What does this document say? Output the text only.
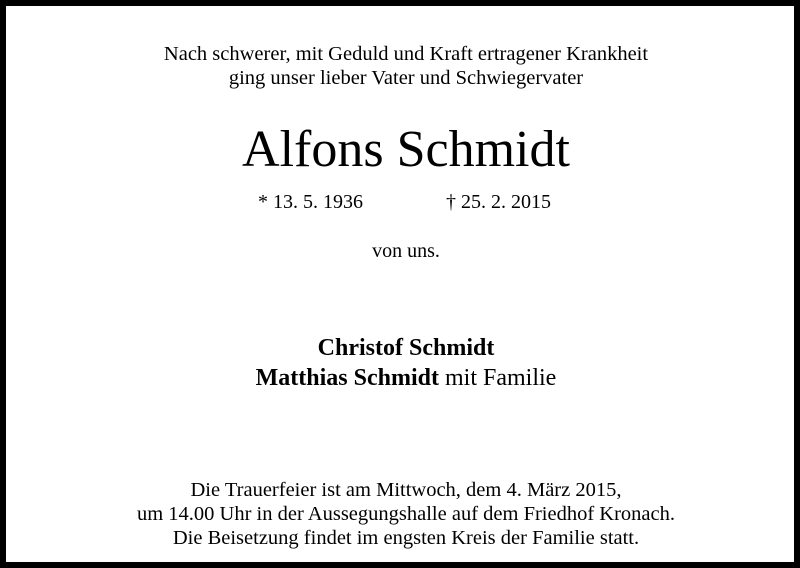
Nach schwerer, mit Geduld und Kraft ertragener Krankheit
ging unser lieber Vater und Schwiegervater
Alfons Schmidt
* 13. 5. 1936	† 25. 2. 2015
von uns.
Christof Schmidt
Matthias Schmidt mit Familie
Die Trauerfeier ist am Mittwoch, dem 4. März 2015,
um 14.00 Uhr in der Aussegungshalle auf dem Friedhof Kronach.
Die Beisetzung findet im engsten Kreis der Familie statt.
